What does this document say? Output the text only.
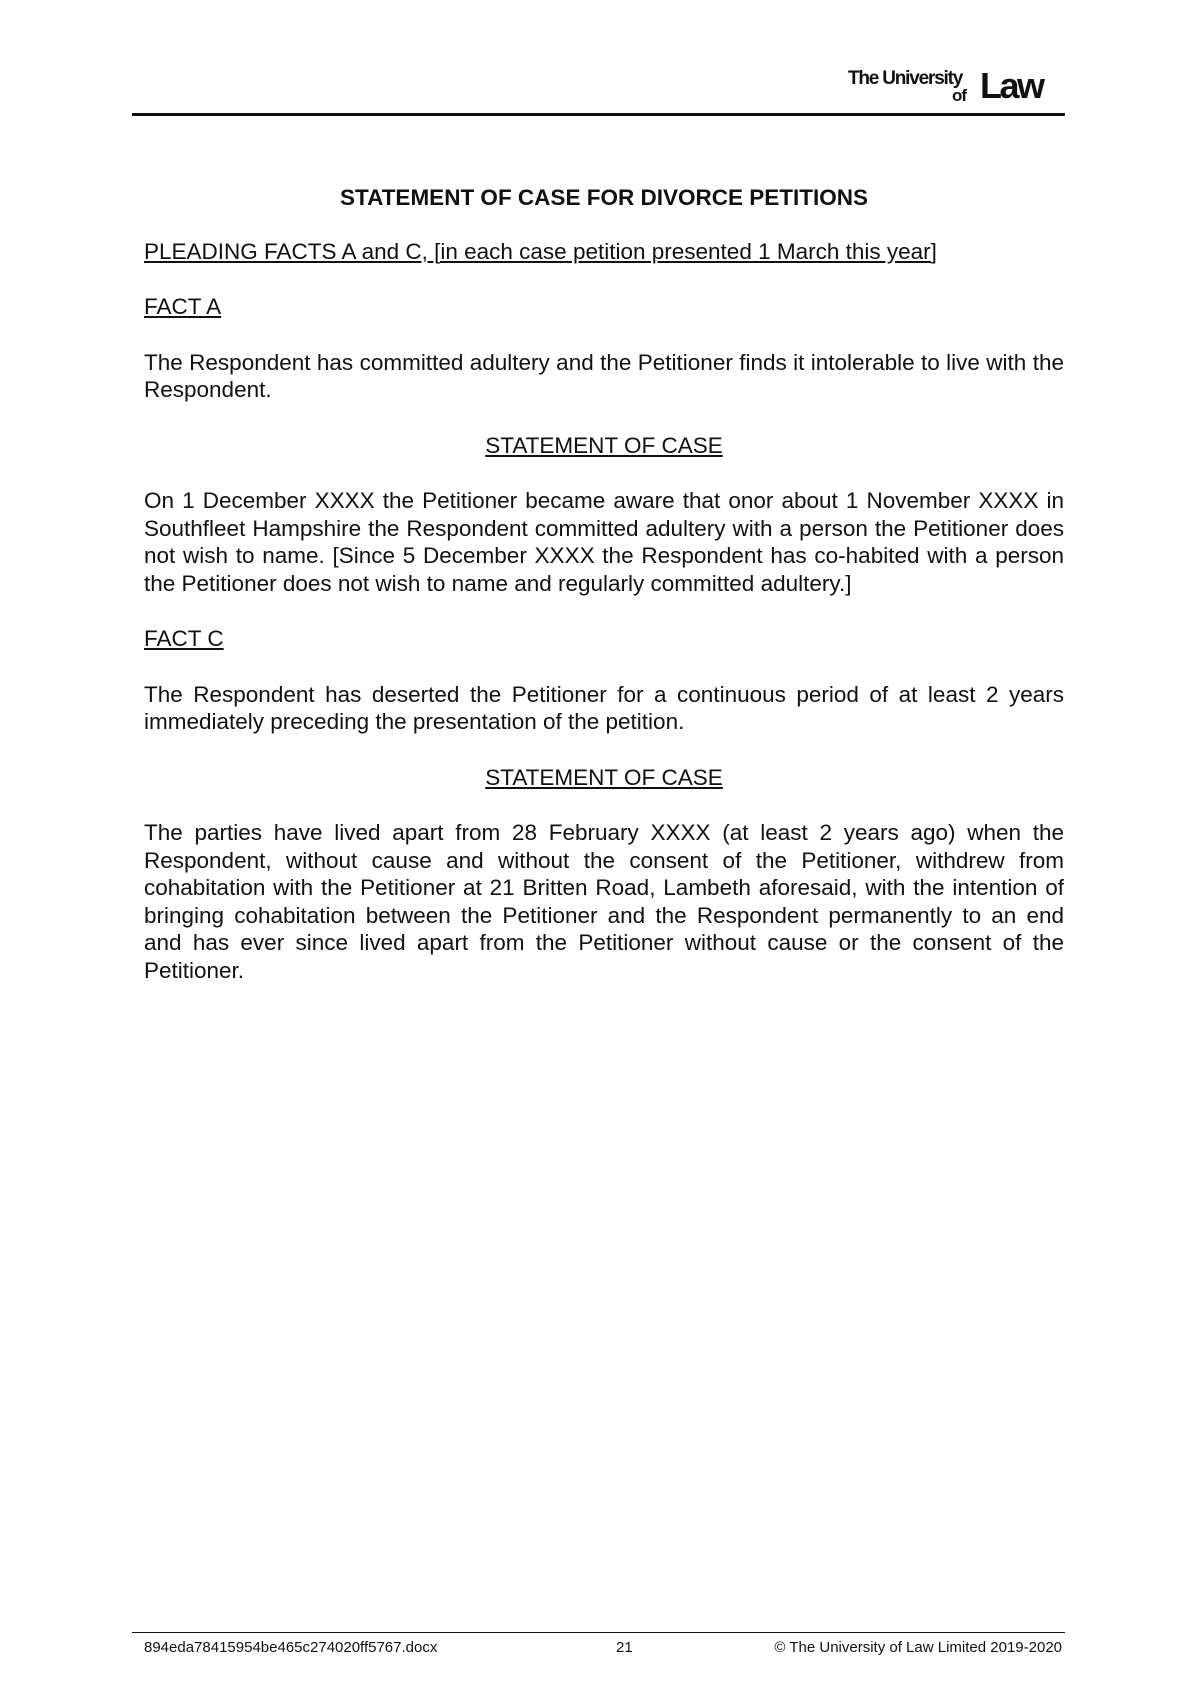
The University
of Law
STATEMENT OF CASE FOR DIVORCE PETITIONS
PLEADING FACTS A and C, [in each case petition presented 1 March this year]
FACT A
The Respondent has committed adultery and the Petitioner finds it intolerable to live with the Respondent.
STATEMENT OF CASE
On 1 December XXXX the Petitioner became aware that onor about 1 November XXXX in Southfleet Hampshire the Respondent committed adultery with a person the Petitioner does not wish to name. [Since 5 December XXXX the Respondent has co-habited with a person the Petitioner does not wish to name and regularly committed adultery.]
FACT C
The Respondent has deserted the Petitioner for a continuous period of at least 2 years immediately preceding the presentation of the petition.
STATEMENT OF CASE
The parties have lived apart from 28 February XXXX (at least 2 years ago) when the Respondent, without cause and without the consent of the Petitioner, withdrew from cohabitation with the Petitioner at 21 Britten Road, Lambeth aforesaid, with the intention of bringing cohabitation between the Petitioner and the Respondent permanently to an end and has ever since lived apart from the Petitioner without cause or the consent of the Petitioner.
894eda78415954be465c274020ff5767.docx	21	© The University of Law Limited 2019-2020
